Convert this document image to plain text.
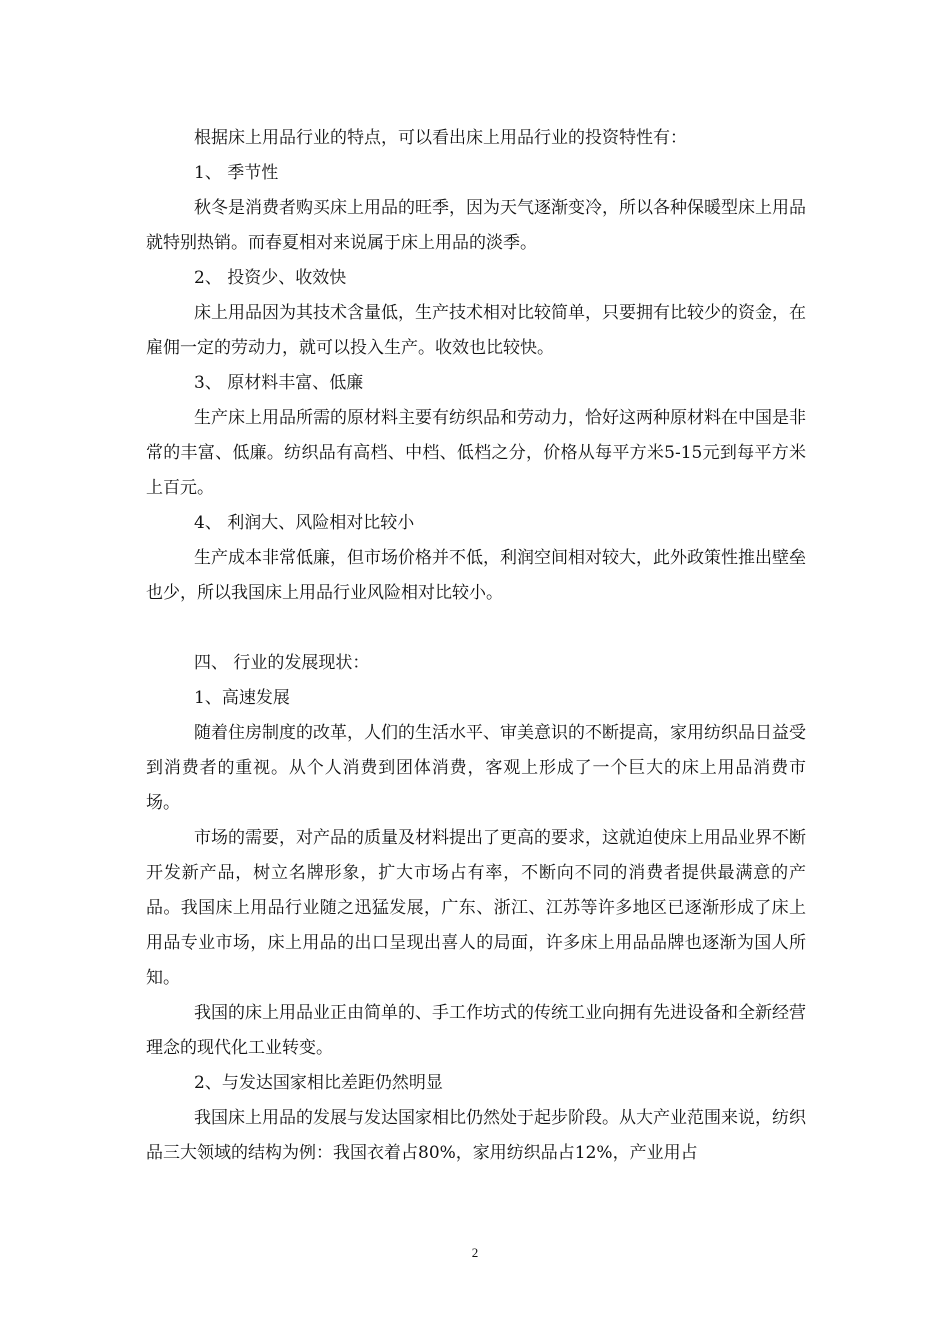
根据床上用品行业的特点，可以看出床上用品行业的投资特性有：

1、 季节性

秋冬是消费者购买床上用品的旺季，因为天气逐渐变冷，所以各种保暖型床上用品就特别热销。而春夏相对来说属于床上用品的淡季。

2、 投资少、收效快

床上用品因为其技术含量低，生产技术相对比较简单，只要拥有比较少的资金，在雇佣一定的劳动力，就可以投入生产。收效也比较快。

3、 原材料丰富、低廉

生产床上用品所需的原材料主要有纺织品和劳动力，恰好这两种原材料在中国是非常的丰富、低廉。纺织品有高档、中档、低档之分，价格从每平方米5-15元到每平方米上百元。

4、 利润大、风险相对比较小

生产成本非常低廉，但市场价格并不低，利润空间相对较大，此外政策性推出壁垒也少，所以我国床上用品行业风险相对比较小。

四、 行业的发展现状：

1、高速发展

随着住房制度的改革，人们的生活水平、审美意识的不断提高，家用纺织品日益受到消费者的重视。从个人消费到团体消费，客观上形成了一个巨大的床上用品消费市场。

市场的需要，对产品的质量及材料提出了更高的要求，这就迫使床上用品业界不断开发新产品，树立名牌形象，扩大市场占有率，不断向不同的消费者提供最满意的产品。我国床上用品行业随之迅猛发展，广东、浙江、江苏等许多地区已逐渐形成了床上用品专业市场，床上用品的出口呈现出喜人的局面，许多床上用品品牌也逐渐为国人所知。

我国的床上用品业正由简单的、手工作坊式的传统工业向拥有先进设备和全新经营理念的现代化工业转变。

2、与发达国家相比差距仍然明显

我国床上用品的发展与发达国家相比仍然处于起步阶段。从大产业范围来说，纺织品三大领域的结构为例：我国衣着占80%，家用纺织品占12%，产业用占

2
